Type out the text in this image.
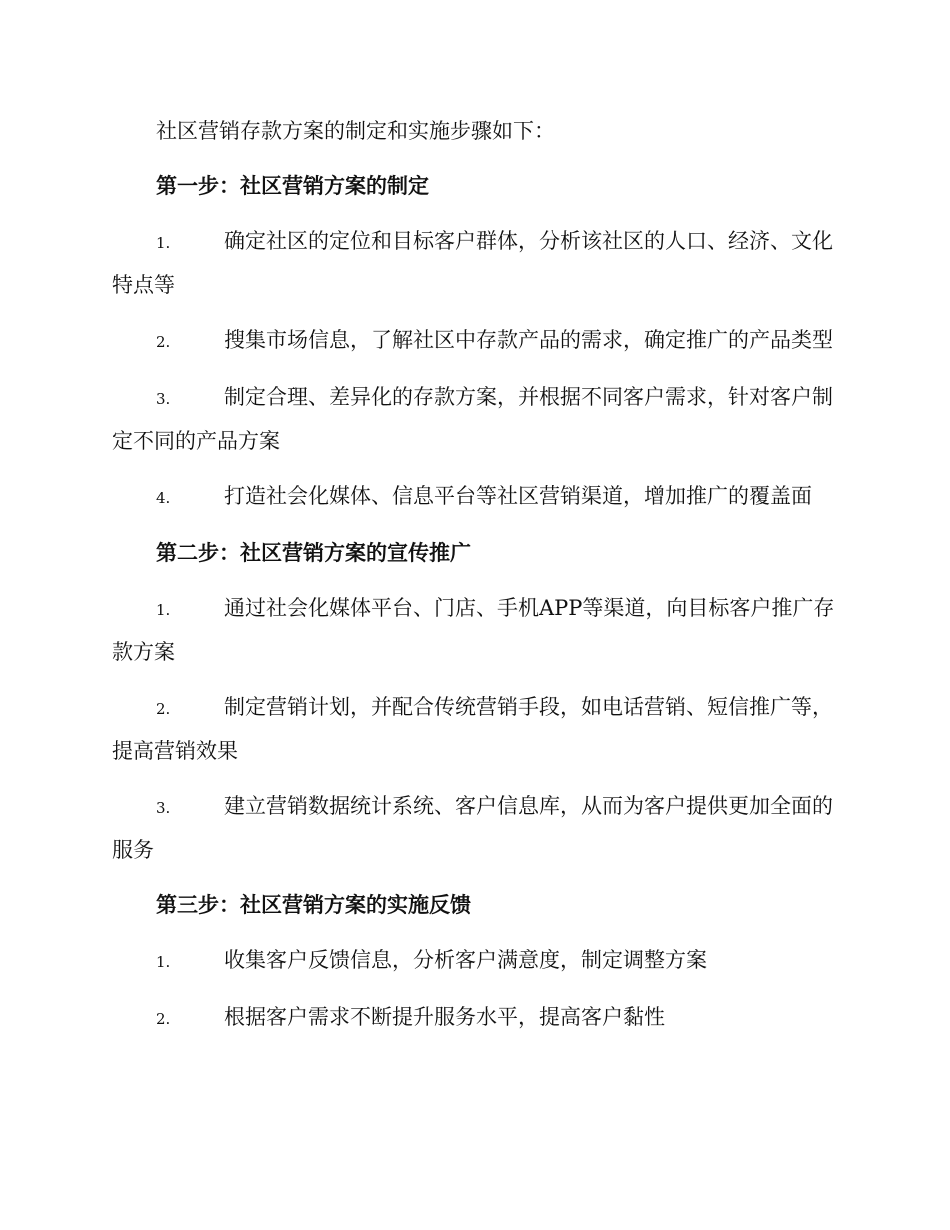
社区营销存款方案的制定和实施步骤如下：

第一步：社区营销方案的制定

1.	确定社区的定位和目标客户群体，分析该社区的人口、经济、文化特点等

2.	搜集市场信息，了解社区中存款产品的需求，确定推广的产品类型

3.	制定合理、差异化的存款方案，并根据不同客户需求，针对客户制定不同的产品方案

4.	打造社会化媒体、信息平台等社区营销渠道，增加推广的覆盖面

第二步：社区营销方案的宣传推广

1.	通过社会化媒体平台、门店、手机APP等渠道，向目标客户推广存款方案

2.	制定营销计划，并配合传统营销手段，如电话营销、短信推广等，提高营销效果

3.	建立营销数据统计系统、客户信息库，从而为客户提供更加全面的服务

第三步：社区营销方案的实施反馈

1.	收集客户反馈信息，分析客户满意度，制定调整方案

2.	根据客户需求不断提升服务水平，提高客户黏性
